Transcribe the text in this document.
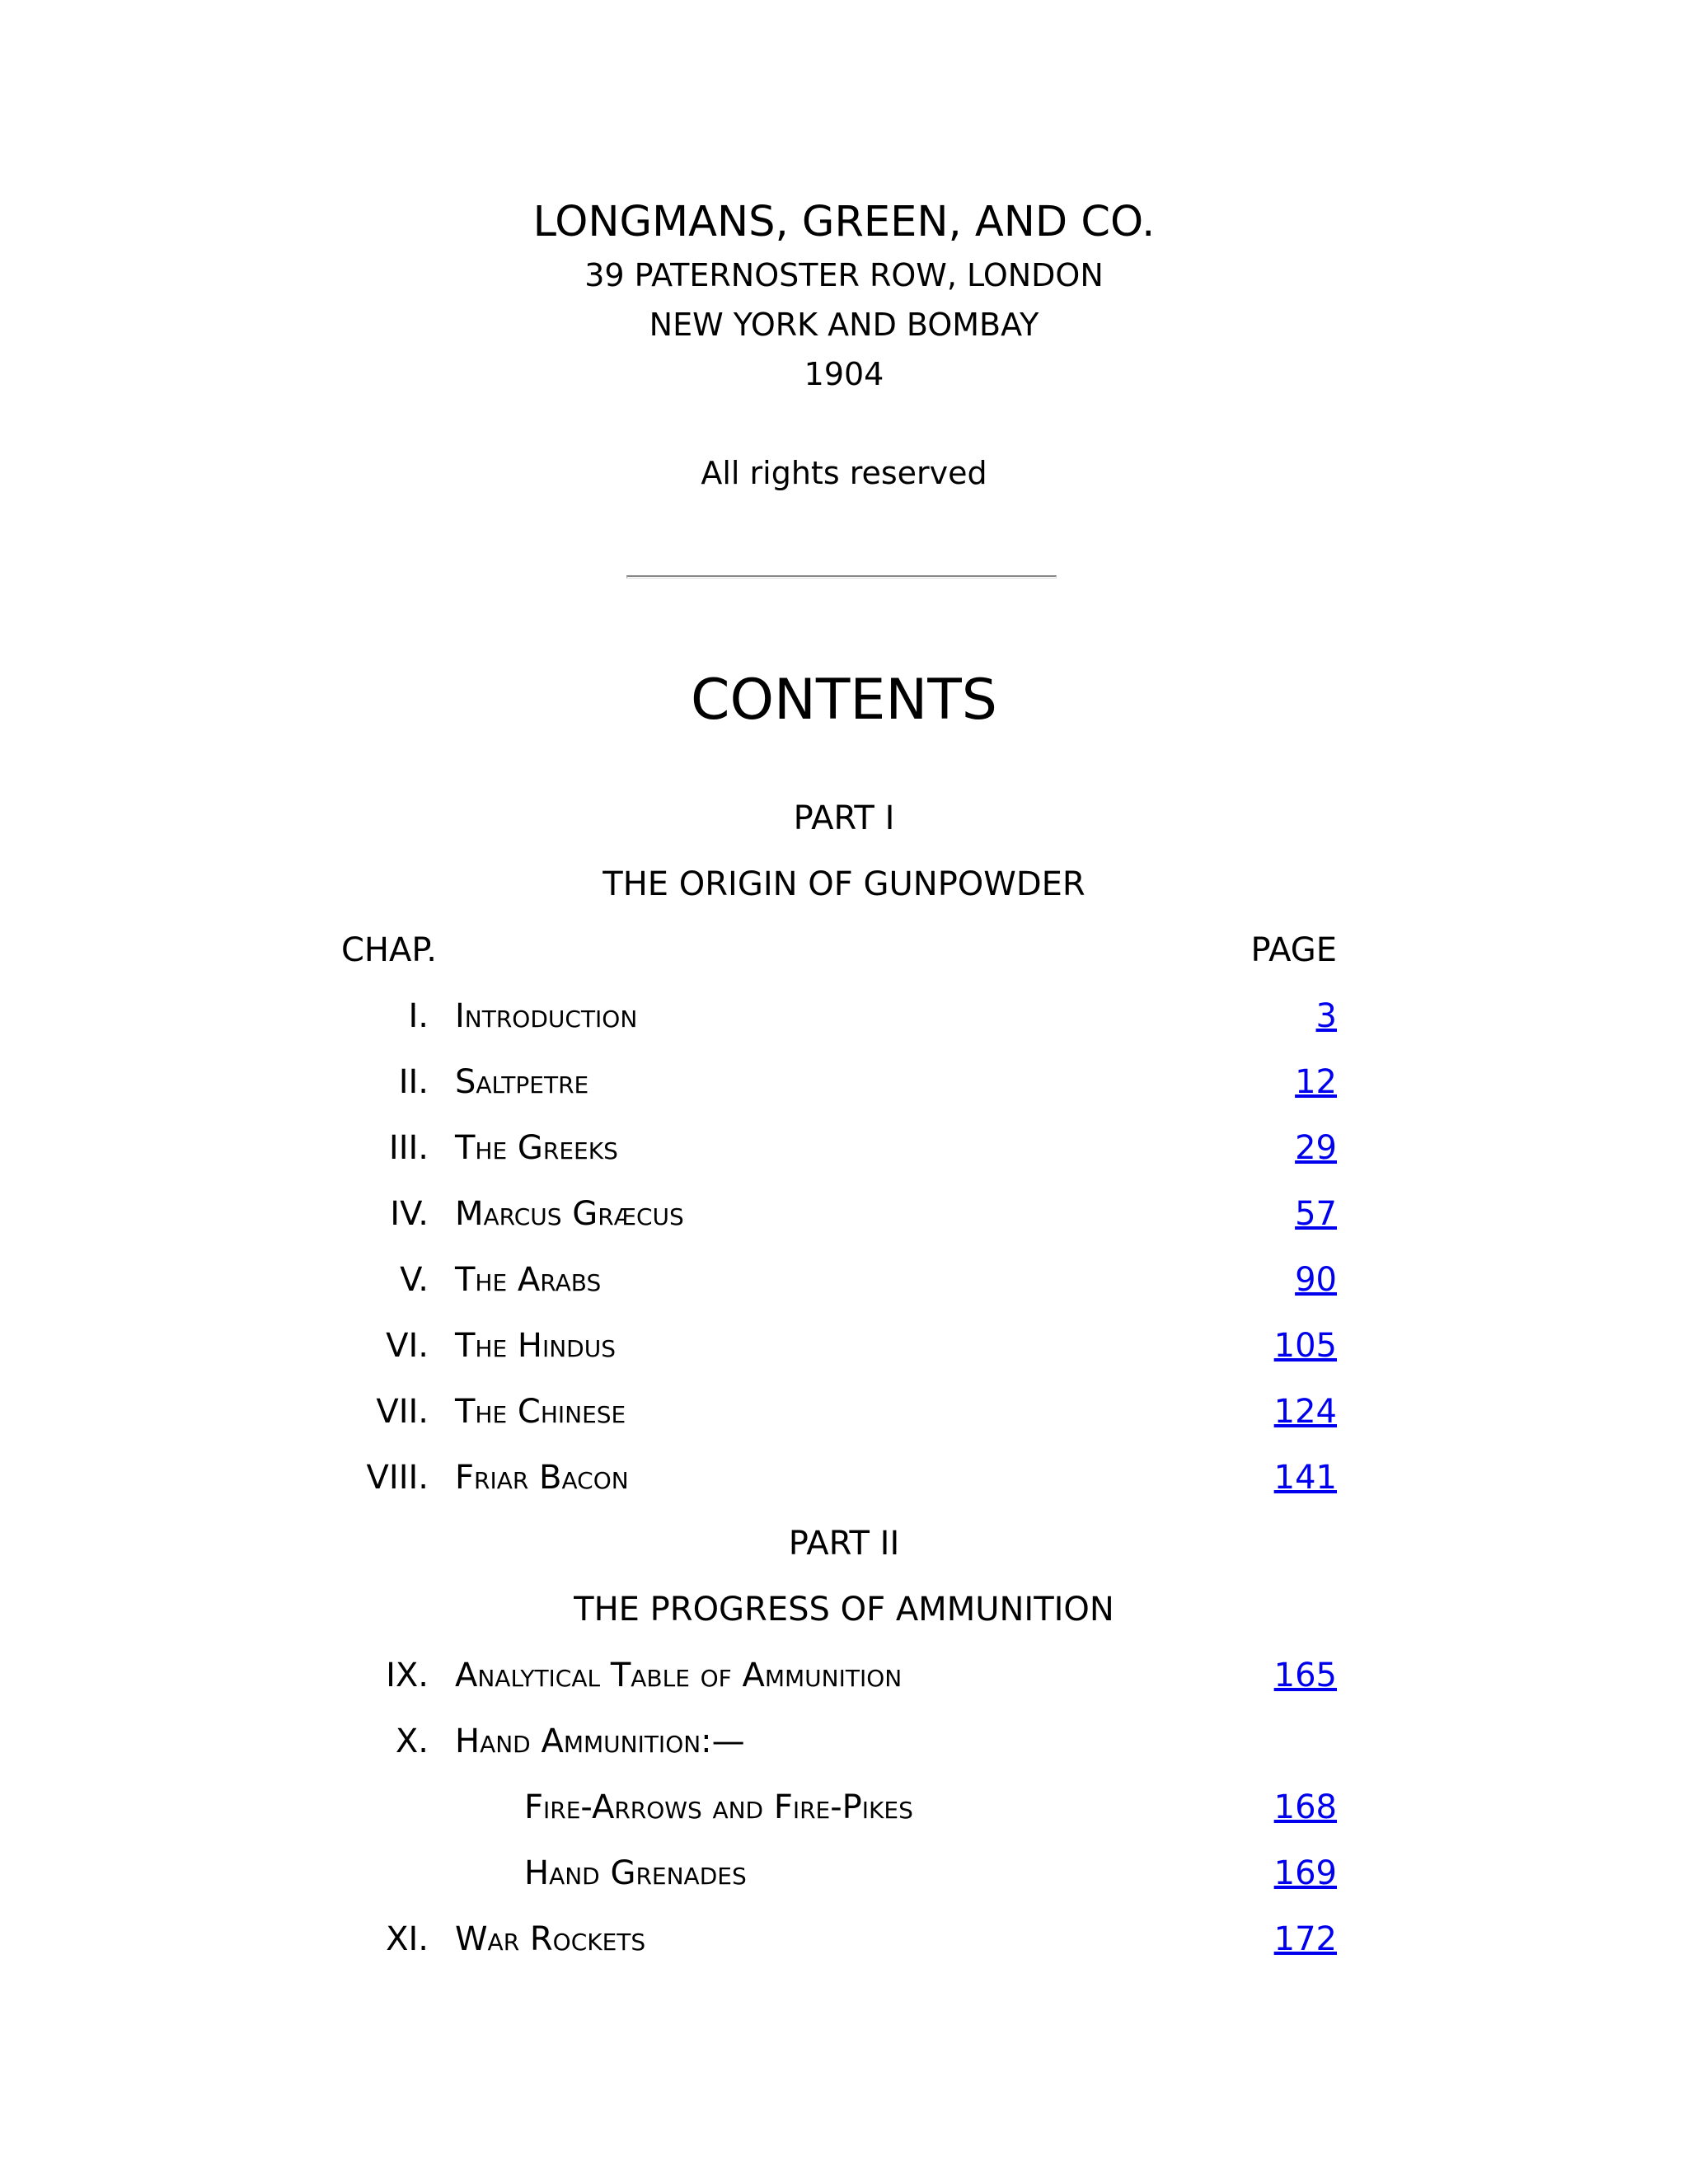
LONGMANS, GREEN, AND CO.
39 PATERNOSTER ROW, LONDON
NEW YORK AND BOMBAY
1904
All rights reserved
CONTENTS
PART I
THE ORIGIN OF GUNPOWDER
CHAP.	PAGE
I. Introduction	3
II. Saltpetre	12
III. The Greeks	29
IV. Marcus Græcus	57
V. The Arabs	90
VI. The Hindus	105
VII. The Chinese	124
VIII. Friar Bacon	141
PART II
THE PROGRESS OF AMMUNITION
IX. Analytical Table of Ammunition	165
X. Hand Ammunition:—
Fire-Arrows and Fire-Pikes	168
Hand Grenades	169
XI. War Rockets	172
